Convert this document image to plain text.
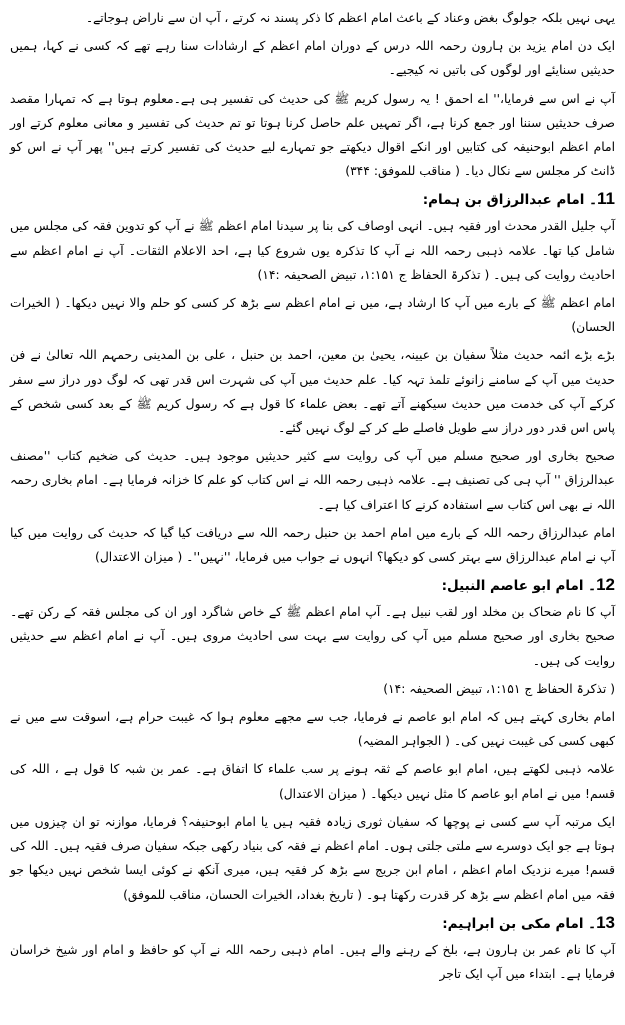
یہی نہیں بلکہ جولوگ بغض وعناد کے باعث امام اعظم کا ذکر پسند نہ کرتے ، آپ ان سے ناراض ہوجاتے۔

ایک دن امام یزید بن ہارون رحمہ اللہ درس کے دوران امام اعظم کے ارشادات سنا رہے تھے کہ کسی نے کہا، ہمیں حدیثیں سنایئے اور لوگوں کی باتیں نہ کیجیے۔

آپ نے اس سے فرمایا،'' اے احمق ! یہ رسول کریم ﷺ کی حدیث کی تفسیر ہی ہے۔معلوم ہوتا ہے کہ تمہارا مقصد صرف حدیثیں سننا اور جمع کرنا ہے، اگر تمہیں علم حاصل کرنا ہوتا تو تم حدیث کی تفسیر و معانی معلوم کرتے اور امام اعظم ابوحنیفہ کی کتابیں اور انکے اقوال دیکھتے جو تمہارے لیے حدیث کی تفسیر کرتے ہیں'' پھر آپ نے اس کو ڈانٹ کر مجلس سے نکال دیا۔ ( مناقب للموفق: ۳۴۴)

11۔ امام عبدالرزاق بن ہمام:

آپ جلیل القدر محدث اور فقیہ ہیں۔ انہی اوصاف کی بنا پر سیدنا امام اعظم ﷺ نے آپ کو تدوین فقہ کی مجلس میں شامل کیا تھا۔ علامہ ذہبی رحمہ اللہ نے آپ کا تذکرہ یوں شروع کیا ہے، احد الاعلام الثقات۔ آپ نے امام اعظم سے احادیث روایت کی ہیں۔ ( تذکرۃ الحفاظ ج ۱:۱۵۱، تبیض الصحیفہ :۱۴)

امام اعظم ﷺ کے بارے میں آپ کا ارشاد ہے، میں نے امام اعظم سے بڑھ کر کسی کو حلم والا نہیں دیکھا۔ ( الخیرات الحسان)

بڑے بڑے ائمہ حدیث مثلاً سفیان بن عیینہ، یحییٰ بن معین، احمد بن حنبل ، علی بن المدینی رحمہم اللہ تعالیٰ نے فن حدیث میں آپ کے سامنے زانوئے تلمذ تہہ کیا۔ علم حدیث میں آپ کی شہرت اس قدر تھی کہ لوگ دور دراز سے سفر کرکے آپ کی خدمت میں حدیث سیکھنے آتے تھے۔ بعض علماء کا قول ہے کہ رسول کریم ﷺ کے بعد کسی شخص کے پاس اس قدر دور دراز سے طویل فاصلے طے کر کے لوگ نہیں گئے۔

صحیح بخاری اور صحیح مسلم میں آپ کی روایت سے کثیر حدیثیں موجود ہیں۔ حدیث کی ضخیم کتاب ''مصنف عبدالرزاق '' آپ ہی کی تصنیف ہے۔ علامہ ذہبی رحمہ اللہ نے اس کتاب کو علم کا خزانہ فرمایا ہے۔ امام بخاری رحمہ اللہ نے بھی اس کتاب سے استفادہ کرنے کا اعتراف کیا ہے۔

امام عبدالرزاق رحمہ اللہ کے بارے میں امام احمد بن حنبل رحمہ اللہ سے دریافت کیا گیا کہ حدیث کی روایت میں کیا آپ نے امام عبدالرزاق سے بہتر کسی کو دیکھا؟ انہوں نے جواب میں فرمایا، ''نہیں''۔ ( میزان الاعتدال)

12۔ امام ابو عاصم النبیل:

آپ کا نام ضحاک بن مخلد اور لقب نبیل ہے۔ آپ امام اعظم ﷺ کے خاص شاگرد اور ان کی مجلس فقہ کے رکن تھے۔ صحیح بخاری اور صحیح مسلم میں آپ کی روایت سے بہت سی احادیث مروی ہیں۔ آپ نے امام اعظم سے حدیثیں روایت کی ہیں۔

( تذکرۃ الحفاظ ج ۱:۱۵۱، تبیض الصحیفہ :۱۴)

امام بخاری کہتے ہیں کہ امام ابو عاصم نے فرمایا، جب سے مجھے معلوم ہوا کہ غیبت حرام ہے، اسوقت سے میں نے کبھی کسی کی غیبت نہیں کی۔ ( الجواہر المضیہ)

علامہ ذہبی لکھتے ہیں، امام ابو عاصم کے ثقہ ہونے پر سب علماء کا اتفاق ہے۔ عمر بن شبہ کا قول ہے ، اللہ کی قسم! میں نے امام ابو عاصم کا مثل نہیں دیکھا۔ ( میزان الاعتدال)

ایک مرتبہ آپ سے کسی نے پوچھا کہ سفیان ثوری زیادہ فقیہ ہیں یا امام ابوحنیفہ؟ فرمایا، موازنہ تو ان چیزوں میں ہوتا ہے جو ایک دوسرے سے ملتی جلتی ہوں۔ امام اعظم نے فقہ کی بنیاد رکھی جبکہ سفیان صرف فقیہ ہیں۔ اللہ کی قسم! میرے نزدیک امام اعظم ، امام ابن جریج سے بڑھ کر فقیہ ہیں، میری آنکھ نے کوئی ایسا شخص نہیں دیکھا جو فقہ میں امام اعظم سے بڑھ کر قدرت رکھتا ہو۔ ( تاریخ بغداد، الخیرات الحسان، مناقب للموفق)

13۔ امام مکی بن ابراہیم:

آپ کا نام عمر بن ہارون ہے، بلخ کے رہنے والے ہیں۔ امام ذہبی رحمہ اللہ نے آپ کو حافظ و امام اور شیخ خراسان فرمایا ہے۔ ابتداء میں آپ ایک تاجر
